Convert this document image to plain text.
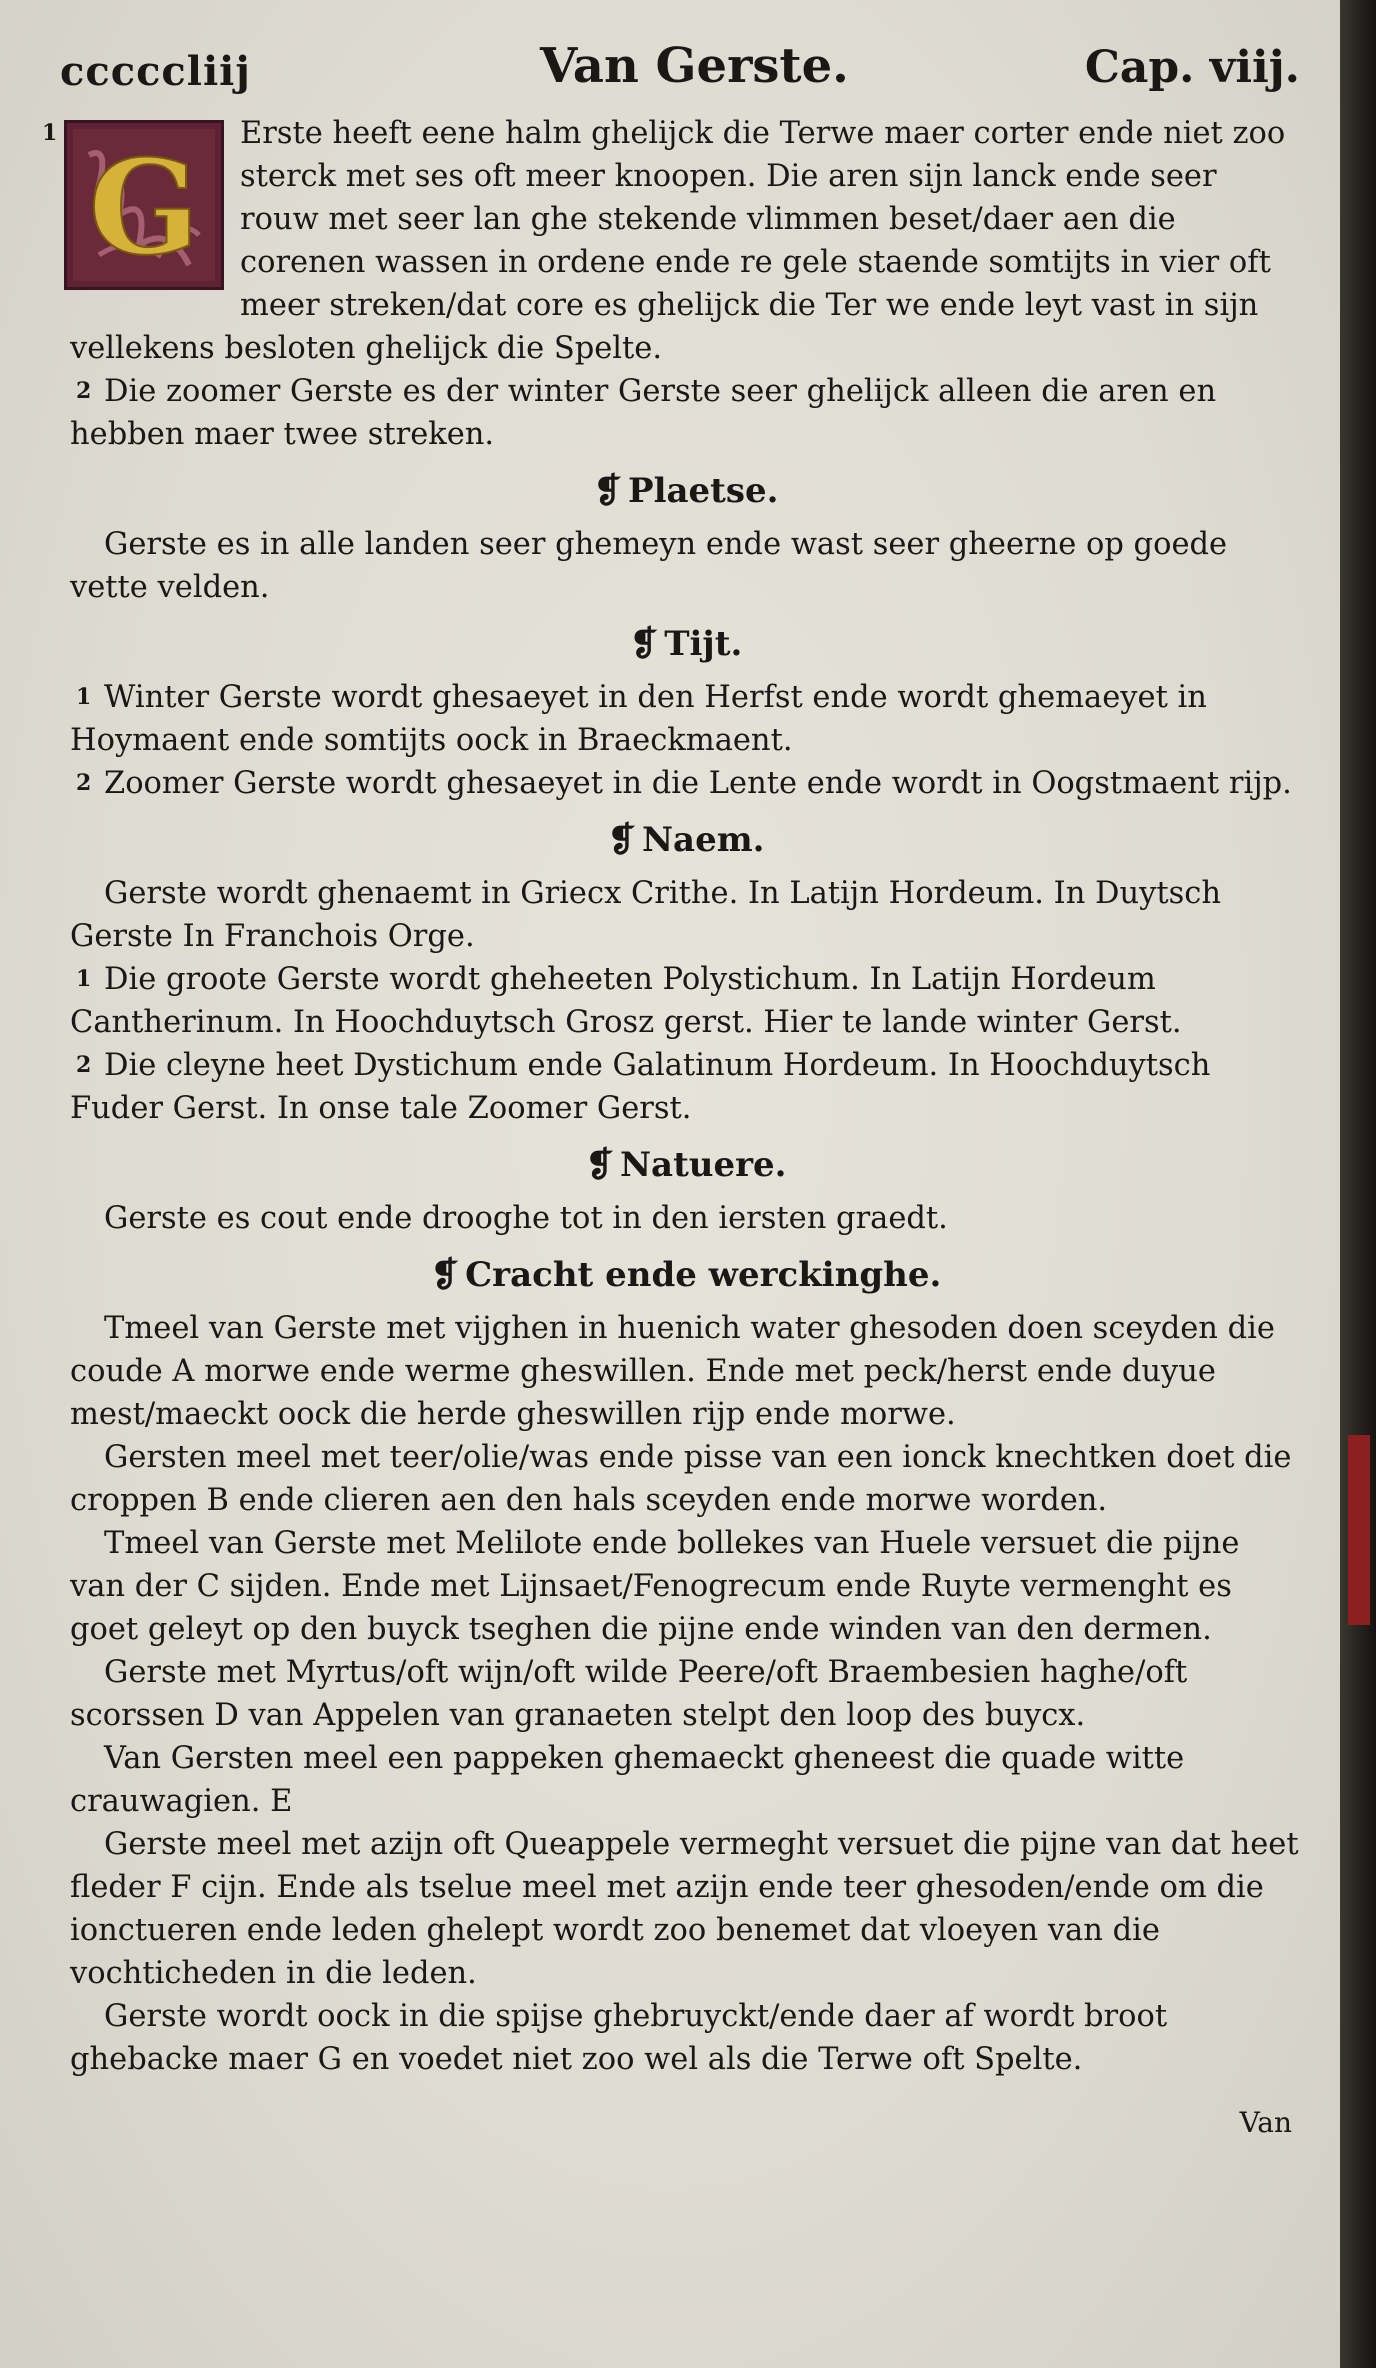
cccccliij	Van Gerste.	Cap. viij.
1 G Erste heeft eene halm ghelijck die Terwe maer corter ende niet zoo sterck met ses oft meer knoopen. Die aren sijn lanck ende seer rouw met seer lan ghe stekende vlimmen beset/daer aen die corenen wassen in ordene ende re gele staende somtijts in vier oft meer streken/dat core es ghelijck die Ter we ende leyt vast in sijn vellekens besloten ghelijck die Spelte.
2 Die zoomer Gerste es der winter Gerste seer ghelijck alleen die aren en hebben maer twee streken.
❡ Plaetse.
Gerste es in alle landen seer ghemeyn ende wast seer gheerne op goede vette velden.
❡ Tijt.
1 Winter Gerste wordt ghesaeyet in den Herfst ende wordt ghemaeyet in Hoymaent ende somtijts oock in Braeckmaent.
2 Zoomer Gerste wordt ghesaeyet in die Lente ende wordt in Oogstmaent rijp.
❡ Naem.
Gerste wordt ghenaemt in Griecx Crithe. In Latijn Hordeum. In Duytsch Gerste In Franchois Orge.
1 Die groote Gerste wordt gheheeten Polystichum. In Latijn Hordeum Cantherinum. In Hoochduytsch Grosz gerst. Hier te lande winter Gerst.
2 Die cleyne heet Dystichum ende Galatinum Hordeum. In Hoochduytsch Fuder Gerst. In onse tale Zoomer Gerst.
❡ Natuere.
Gerste es cout ende drooghe tot in den iersten graedt.
❡ Cracht ende werckinghe.
Tmeel van Gerste met vijghen in huenich water ghesoden doen sceyden die coude A morwe ende werme gheswillen. Ende met peck/herst ende duyue mest/maeckt oock die herde gheswillen rijp ende morwe.
Gersten meel met teer/olie/was ende pisse van een ionck knechtken doet die croppen B ende clieren aen den hals sceyden ende morwe worden.
Tmeel van Gerste met Melilote ende bollekes van Huele versuet die pijne van der C sijden. Ende met Lijnsaet/Fenogrecum ende Ruyte vermenght es goet geleyt op den buyck tseghen die pijne ende winden van den dermen.
Gerste met Myrtus/oft wijn/oft wilde Peere/oft Braembesien haghe/oft scorssen D van Appelen van granaeten stelpt den loop des buycx.
Van Gersten meel een pappeken ghemaeckt gheneest die quade witte crauwagien. E
Gerste meel met azijn oft Queappele vermeght versuet die pijne van dat heet fleder F cijn. Ende als tselue meel met azijn ende teer ghesoden/ende om die ionctueren ende leden ghelept wordt zoo benemet dat vloeyen van die vochticheden in die leden.
Gerste wordt oock in die spijse ghebruyckt/ende daer af wordt broot ghebacke maer G en voedet niet zoo wel als die Terwe oft Spelte.
Van
